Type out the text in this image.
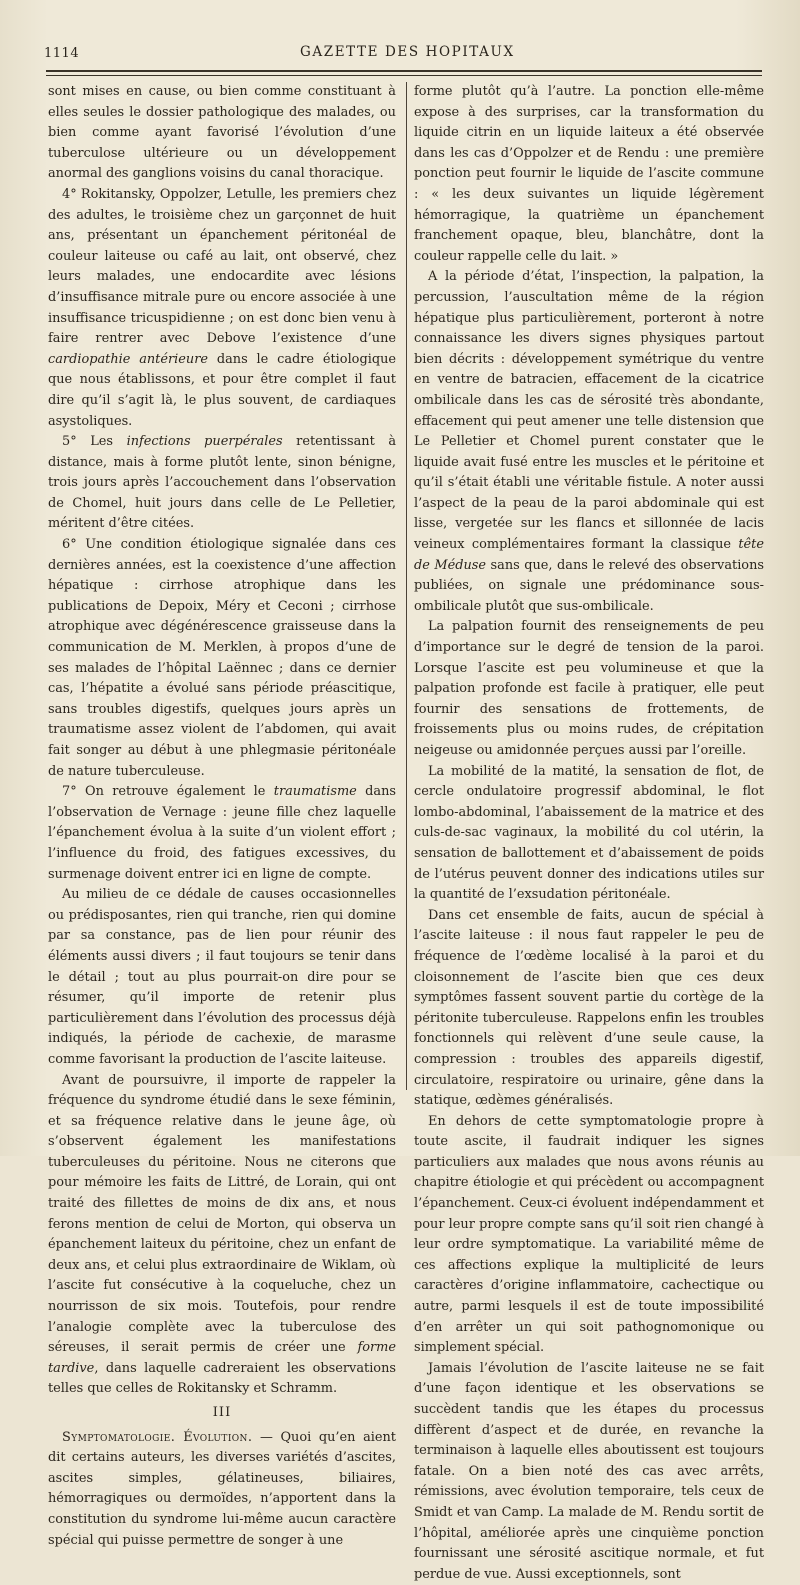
1114	GAZETTE DES HOPITAUX

sont mises en cause, ou bien comme constituant à elles seules le dossier pathologique des malades, ou bien comme ayant favorisé l’évolution d’une tuberculose ultérieure ou un développement anormal des ganglions voisins du canal thoracique.

4° Rokitansky, Oppolzer, Letulle, les premiers chez des adultes, le troisième chez un garçonnet de huit ans, présentant un épanchement péritonéal de couleur laiteuse ou café au lait, ont observé, chez leurs malades, une endocardite avec lésions d’insuffisance mitrale pure ou encore associée à une insuffisance tricuspidienne ; on est donc bien venu à faire rentrer avec Debove l’existence d’une cardiopathie antérieure dans le cadre étiologique que nous établissons, et pour être complet il faut dire qu’il s’agit là, le plus souvent, de cardiaques asystoliques.

5° Les infections puerpérales retentissant à distance, mais à forme plutôt lente, sinon bénigne, trois jours après l’accouchement dans l’observation de Chomel, huit jours dans celle de Le Pelletier, méritent d’être citées.

6° Une condition étiologique signalée dans ces dernières années, est la coexistence d’une affection hépatique : cirrhose atrophique dans les publications de Depoix, Méry et Ceconi ; cirrhose atrophique avec dégénérescence graisseuse dans la communication de M. Merklen, à propos d’une de ses malades de l’hôpital Laënnec ; dans ce dernier cas, l’hépatite a évolué sans période préascitique, sans troubles digestifs, quelques jours après un traumatisme assez violent de l’abdomen, qui avait fait songer au début à une phlegmasie péritonéale de nature tuberculeuse.

7° On retrouve également le traumatisme dans l’observation de Vernage : jeune fille chez laquelle l’épanchement évolua à la suite d’un violent effort ; l’influence du froid, des fatigues excessives, du surmenage doivent entrer ici en ligne de compte.

Au milieu de ce dédale de causes occasionnelles ou prédisposantes, rien qui tranche, rien qui domine par sa constance, pas de lien pour réunir des éléments aussi divers ; il faut toujours se tenir dans le détail ; tout au plus pourrait-on dire pour se résumer, qu’il importe de retenir plus particulièrement dans l’évolution des processus déjà indiqués, la période de cachexie, de marasme comme favorisant la production de l’ascite laiteuse.

Avant de poursuivre, il importe de rappeler la fréquence du syndrome étudié dans le sexe féminin, et sa fréquence relative dans le jeune âge, où s’observent également les manifestations tuberculeuses du péritoine. Nous ne citerons que pour mémoire les faits de Littré, de Lorain, qui ont traité des fillettes de moins de dix ans, et nous ferons mention de celui de Morton, qui observa un épanchement laiteux du péritoine, chez un enfant de deux ans, et celui plus extraordinaire de Wiklam, où l’ascite fut consécutive à la coqueluche, chez un nourrisson de six mois. Toutefois, pour rendre l’analogie complète avec la tuberculose des séreuses, il serait permis de créer une forme tardive, dans laquelle cadreraient les observations telles que celles de Rokitansky et Schramm.

III

Symptomatologie. Évolution. — Quoi qu’en aient dit certains auteurs, les diverses variétés d’ascites, ascites simples, gélatineuses, biliaires, hémorragiques ou dermoïdes, n’apportent dans la constitution du syndrome lui-même aucun caractère spécial qui puisse permettre de songer à une

forme plutôt qu’à l’autre. La ponction elle-même expose à des surprises, car la transformation du liquide citrin en un liquide laiteux a été observée dans les cas d’Oppolzer et de Rendu : une première ponction peut fournir le liquide de l’ascite commune : « les deux suivantes un liquide légèrement hémorragique, la quatrième un épanchement franchement opaque, bleu, blanchâtre, dont la couleur rappelle celle du lait. »

A la période d’état, l’inspection, la palpation, la percussion, l’auscultation même de la région hépatique plus particulièrement, porteront à notre connaissance les divers signes physiques partout bien décrits : développement symétrique du ventre en ventre de batracien, effacement de la cicatrice ombilicale dans les cas de sérosité très abondante, effacement qui peut amener une telle distension que Le Pelletier et Chomel purent constater que le liquide avait fusé entre les muscles et le péritoine et qu’il s’était établi une véritable fistule. A noter aussi l’aspect de la peau de la paroi abdominale qui est lisse, vergetée sur les flancs et sillonnée de lacis veineux complémentaires formant la classique tête de Méduse sans que, dans le relevé des observations publiées, on signale une prédominance sous-ombilicale plutôt que sus-ombilicale.

La palpation fournit des renseignements de peu d’importance sur le degré de tension de la paroi. Lorsque l’ascite est peu volumineuse et que la palpation profonde est facile à pratiquer, elle peut fournir des sensations de frottements, de froissements plus ou moins rudes, de crépitation neigeuse ou amidonnée perçues aussi par l’oreille.

La mobilité de la matité, la sensation de flot, de cercle ondulatoire progressif abdominal, le flot lombo-abdominal, l’abaissement de la matrice et des culs-de-sac vaginaux, la mobilité du col utérin, la sensation de ballottement et d’abaissement de poids de l’utérus peuvent donner des indications utiles sur la quantité de l’exsudation péritonéale.

Dans cet ensemble de faits, aucun de spécial à l’ascite laiteuse : il nous faut rappeler le peu de fréquence de l’œdème localisé à la paroi et du cloisonnement de l’ascite bien que ces deux symptômes fassent souvent partie du cortège de la péritonite tuberculeuse. Rappelons enfin les troubles fonctionnels qui relèvent d’une seule cause, la compression : troubles des appareils digestif, circulatoire, respiratoire ou urinaire, gêne dans la statique, œdèmes généralisés.

En dehors de cette symptomatologie propre à toute ascite, il faudrait indiquer les signes particuliers aux malades que nous avons réunis au chapitre étiologie et qui précèdent ou accompagnent l’épanchement. Ceux-ci évoluent indépendamment et pour leur propre compte sans qu’il soit rien changé à leur ordre symptomatique. La variabilité même de ces affections explique la multiplicité de leurs caractères d’origine inflammatoire, cachectique ou autre, parmi lesquels il est de toute impossibilité d’en arrêter un qui soit pathognomonique ou simplement spécial.

Jamais l’évolution de l’ascite laiteuse ne se fait d’une façon identique et les observations se succèdent tandis que les étapes du processus diffèrent d’aspect et de durée, en revanche la terminaison à laquelle elles aboutissent est toujours fatale. On a bien noté des cas avec arrêts, rémissions, avec évolution temporaire, tels ceux de Smidt et van Camp. La malade de M. Rendu sortit de l’hôpital, améliorée après une cinquième ponction fournissant une sérosité ascitique normale, et fut perdue de vue. Aussi exceptionnels, sont
